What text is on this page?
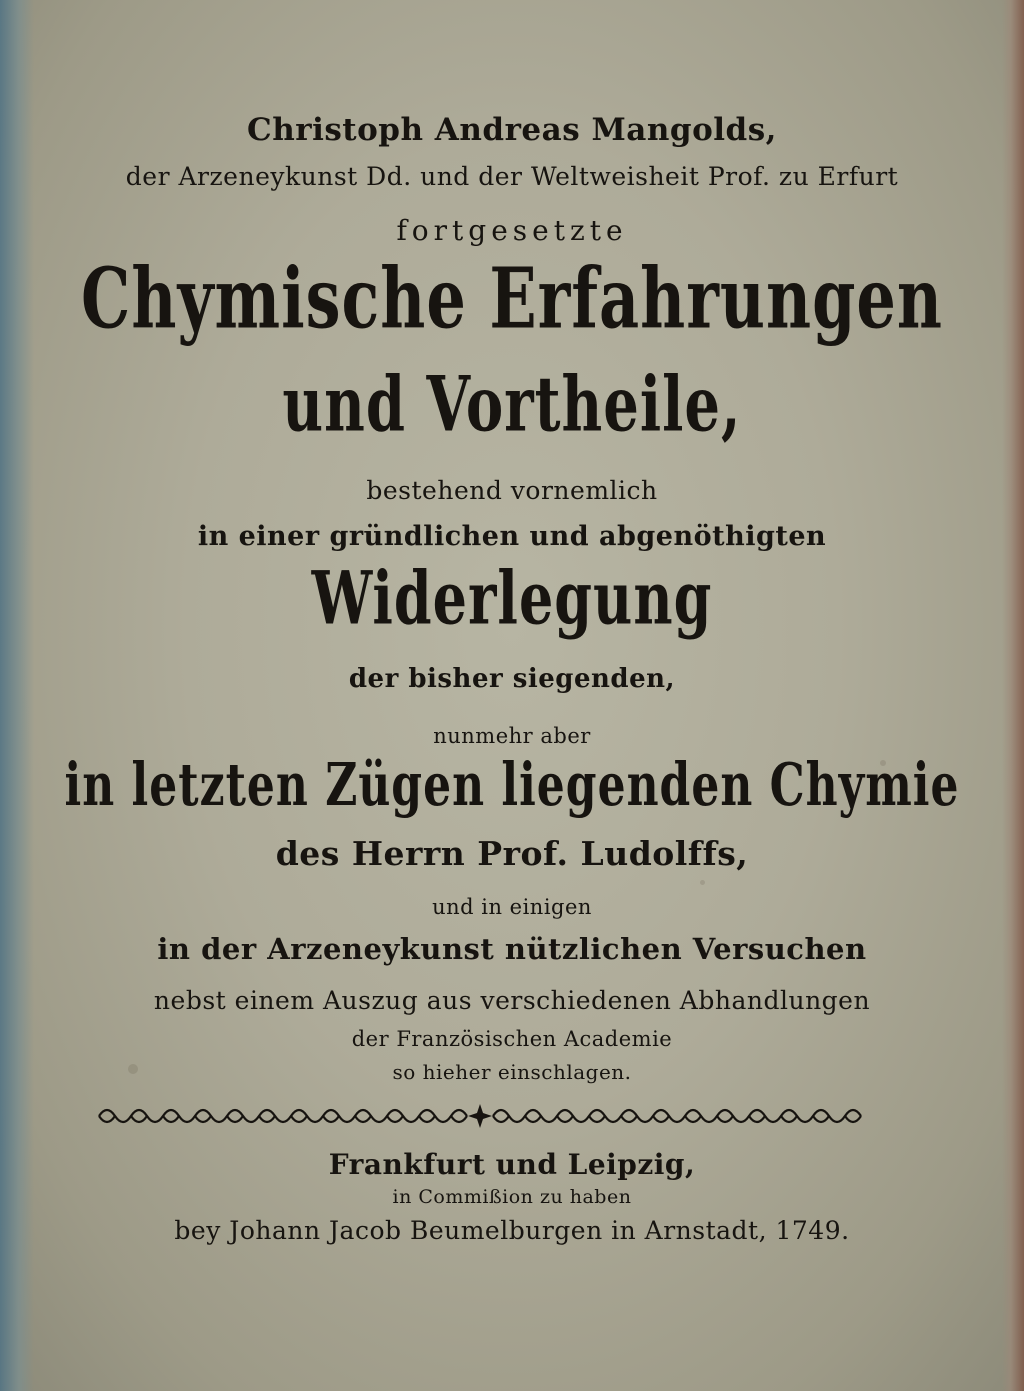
Christoph Andreas Mangolds,
der Arzeneykunst Dd. und der Weltweisheit Prof. zu Erfurt
fortgesetzte
Chymische Erfahrungen
und Vortheile,
bestehend vornemlich
in einer gründlichen und abgenöthigten
Widerlegung
der bisher siegenden,
nunmehr aber
in letzten Zügen liegenden Chymie
des Herrn Prof. Ludolffs,
und in einigen
in der Arzeneykunst nützlichen Versuchen
nebst einem Auszug aus verschiedenen Abhandlungen
der Französischen Academie
so hieher einschlagen.
Frankfurt und Leipzig,
in Commißion zu haben
bey Johann Jacob Beumelburgen in Arnstadt, 1749.
